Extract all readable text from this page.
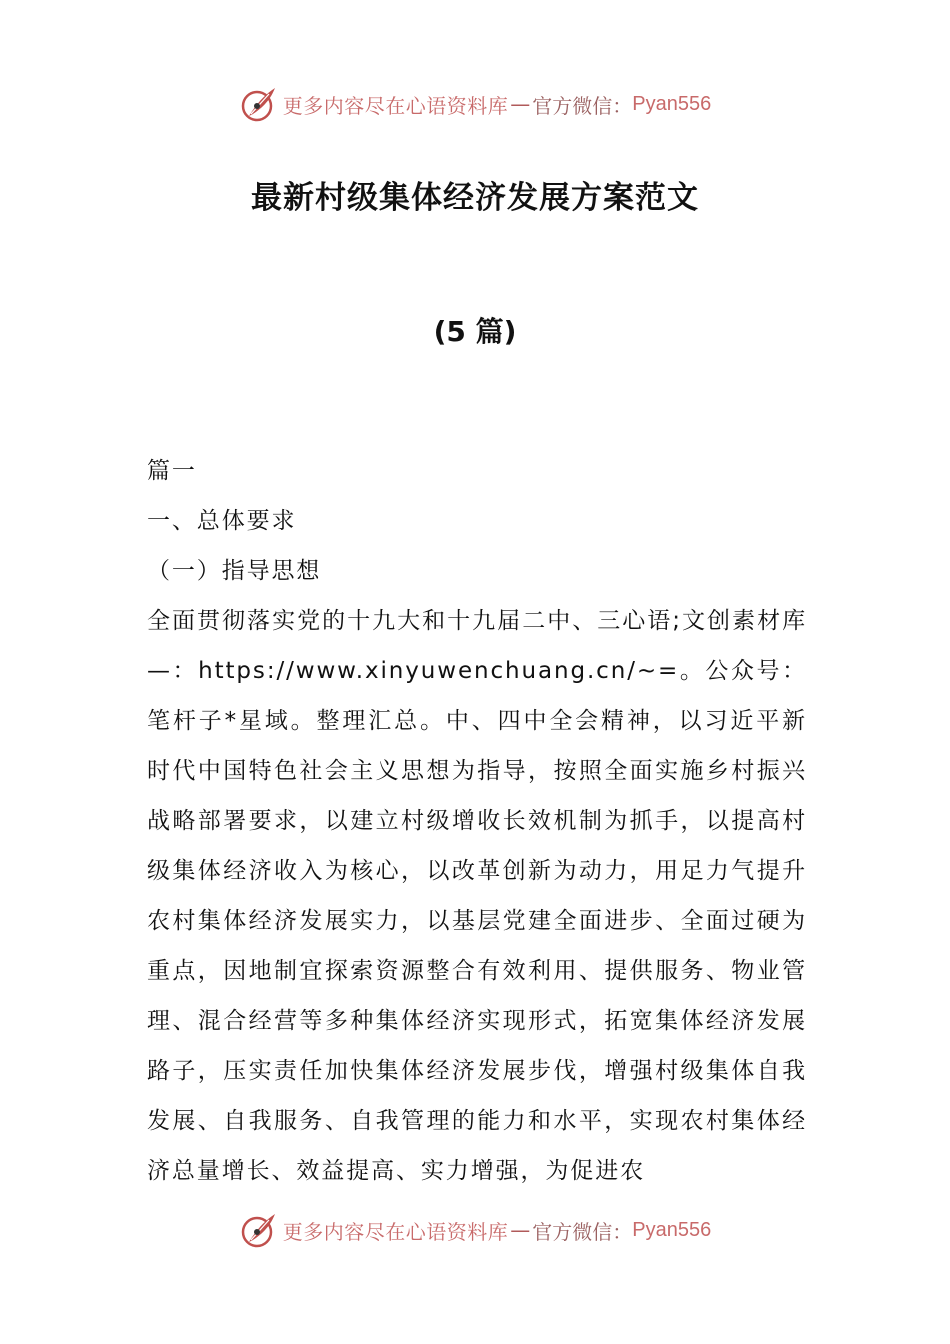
更多内容尽在心语资料库 — 官方微信： Pyan556
最新村级集体经济发展方案范文
(5 篇)

篇一

一、总体要求

（一）指导思想

全面贯彻落实党的十九大和十九届二中、三心语;文创素材库—：https://www.xinyuwenchuang.cn/~=。公众号：笔杆子*星域。整理汇总。中、四中全会精神，以习近平新时代中国特色社会主义思想为指导，按照全面实施乡村振兴战略部署要求，以建立村级增收长效机制为抓手，以提高村级集体经济收入为核心，以改革创新为动力，用足力气提升农村集体经济发展实力，以基层党建全面进步、全面过硬为重点，因地制宜探索资源整合有效利用、提供服务、物业管理、混合经营等多种集体经济实现形式，拓宽集体经济发展路子，压实责任加快集体经济发展步伐，增强村级集体自我发展、自我服务、自我管理的能力和水平，实现农村集体经济总量增长、效益提高、实力增强，为促进农

更多内容尽在心语资料库 — 官方微信： Pyan556
